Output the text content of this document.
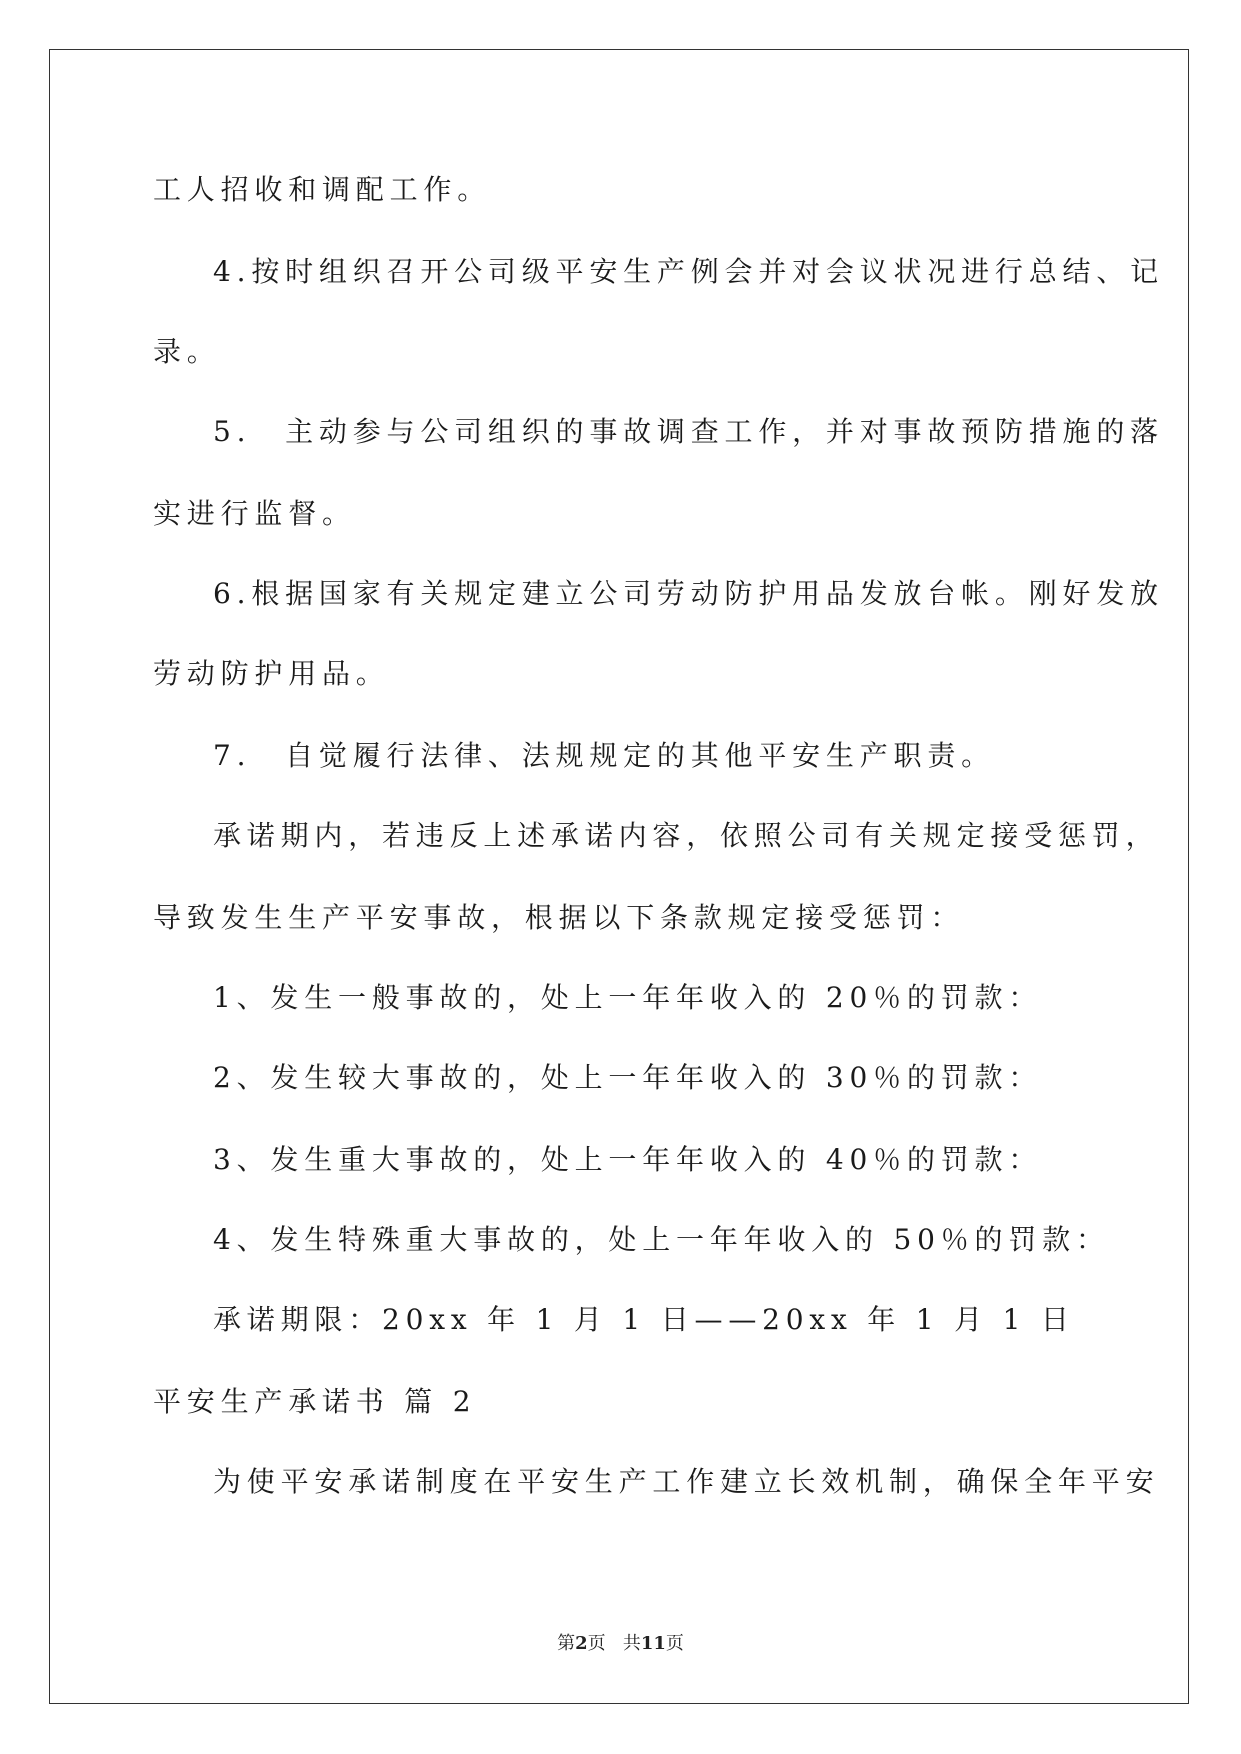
工人招收和调配工作。
4.按时组织召开公司级平安生产例会并对会议状况进行总结、记
录。
5.　主动参与公司组织的事故调查工作，并对事故预防措施的落
实进行监督。
6.根据国家有关规定建立公司劳动防护用品发放台帐。刚好发放
劳动防护用品。
7.　自觉履行法律、法规规定的其他平安生产职责。
承诺期内，若违反上述承诺内容，依照公司有关规定接受惩罚，
导致发生生产平安事故，根据以下条款规定接受惩罚：
1、发生一般事故的，处上一年年收入的 20％的罚款：
2、发生较大事故的，处上一年年收入的 30％的罚款：
3、发生重大事故的，处上一年年收入的 40％的罚款：
4、发生特殊重大事故的，处上一年年收入的 50％的罚款：
承诺期限：20xx 年 1 月 1 日——20xx 年 1 月 1 日
平安生产承诺书 篇 2
为使平安承诺制度在平安生产工作建立长效机制，确保全年平安
第2页 共11页
